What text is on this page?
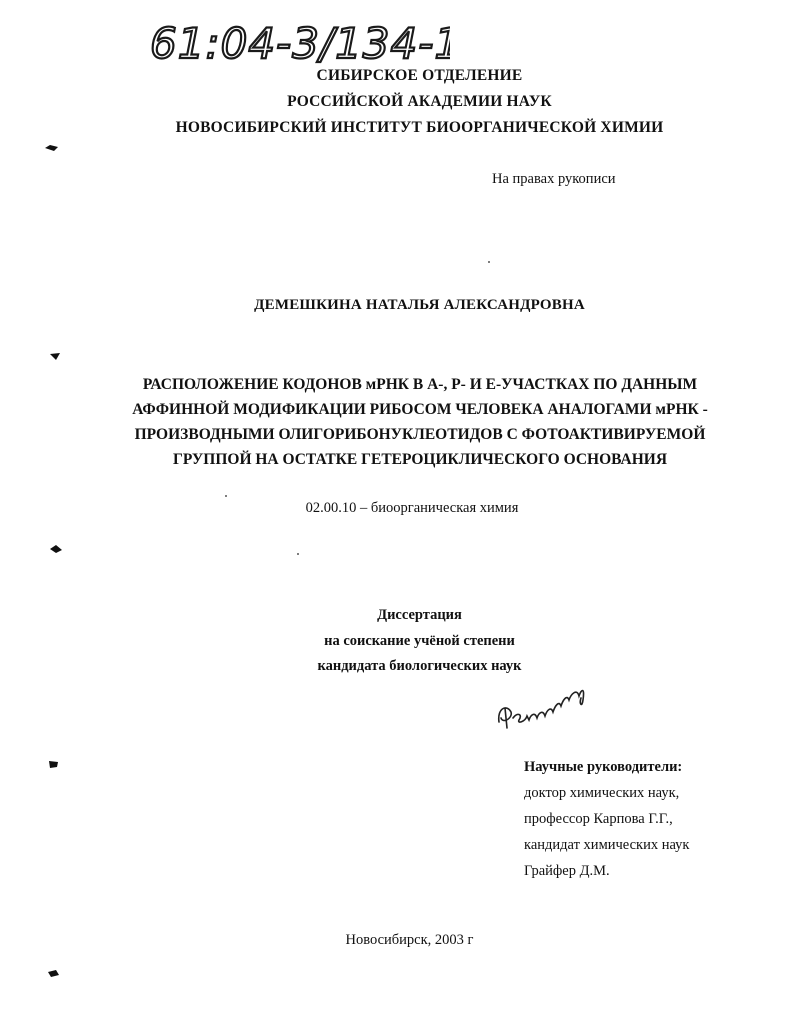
61:04-3/134-1
СИБИРСКОЕ ОТДЕЛЕНИЕ
РОССИЙСКОЙ АКАДЕМИИ НАУК
НОВОСИБИРСКИЙ ИНСТИТУТ БИООРГАНИЧЕСКОЙ ХИМИИ
На правах рукописи
ДЕМЕШКИНА НАТАЛЬЯ АЛЕКСАНДРОВНА
РАСПОЛОЖЕНИЕ КОДОНОВ мРНК В А-, Р- И Е-УЧАСТКАХ ПО ДАННЫМ
АФФИННОЙ МОДИФИКАЦИИ РИБОСОМ ЧЕЛОВЕКА АНАЛОГАМИ мРНК -
ПРОИЗВОДНЫМИ ОЛИГОРИБОНУКЛЕОТИДОВ С ФОТОАКТИВИРУЕМОЙ
ГРУППОЙ НА ОСТАТКЕ ГЕТЕРОЦИКЛИЧЕСКОГО ОСНОВАНИЯ
02.00.10 – биоорганическая химия
Диссертация
на соискание учёной степени
кандидата биологических наук
Научные руководители:
доктор химических наук,
профессор Карпова Г.Г.,
кандидат химических наук
Грайфер Д.М.
Новосибирск, 2003 г
